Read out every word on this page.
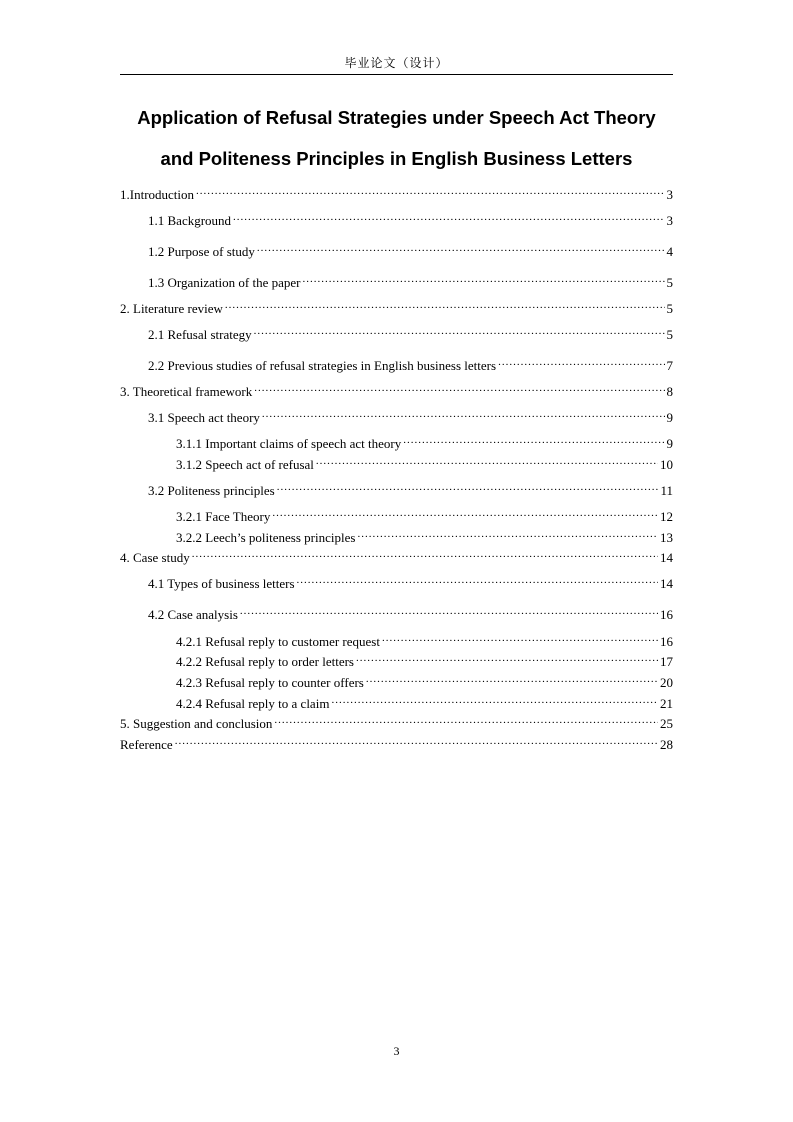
毕业论文（设计）
Application of Refusal Strategies under Speech Act Theory
and Politeness Principles in English Business Letters
1.Introduction .....	3
1.1 Background .....	3
1.2 Purpose of study .....	4
1.3 Organization of the paper .....	5
2. Literature review .....	5
2.1 Refusal strategy .....	5
2.2 Previous studies of refusal strategies in English business letters .....	7
3. Theoretical framework .....	8
3.1 Speech act theory .....	9
3.1.1 Important claims of speech act theory .....	9
3.1.2 Speech act of refusal .....	10
3.2 Politeness principles .....	11
3.2.1 Face Theory .....	12
3.2.2 Leech’s politeness principles .....	13
4. Case study .....	14
4.1 Types of business letters .....	14
4.2 Case analysis .....	16
4.2.1 Refusal reply to customer request .....	16
4.2.2 Refusal reply to order letters .....	17
4.2.3 Refusal reply to counter offers .....	20
4.2.4 Refusal reply to a claim .....	21
5. Suggestion and conclusion .....	25
Reference .....	28
3
